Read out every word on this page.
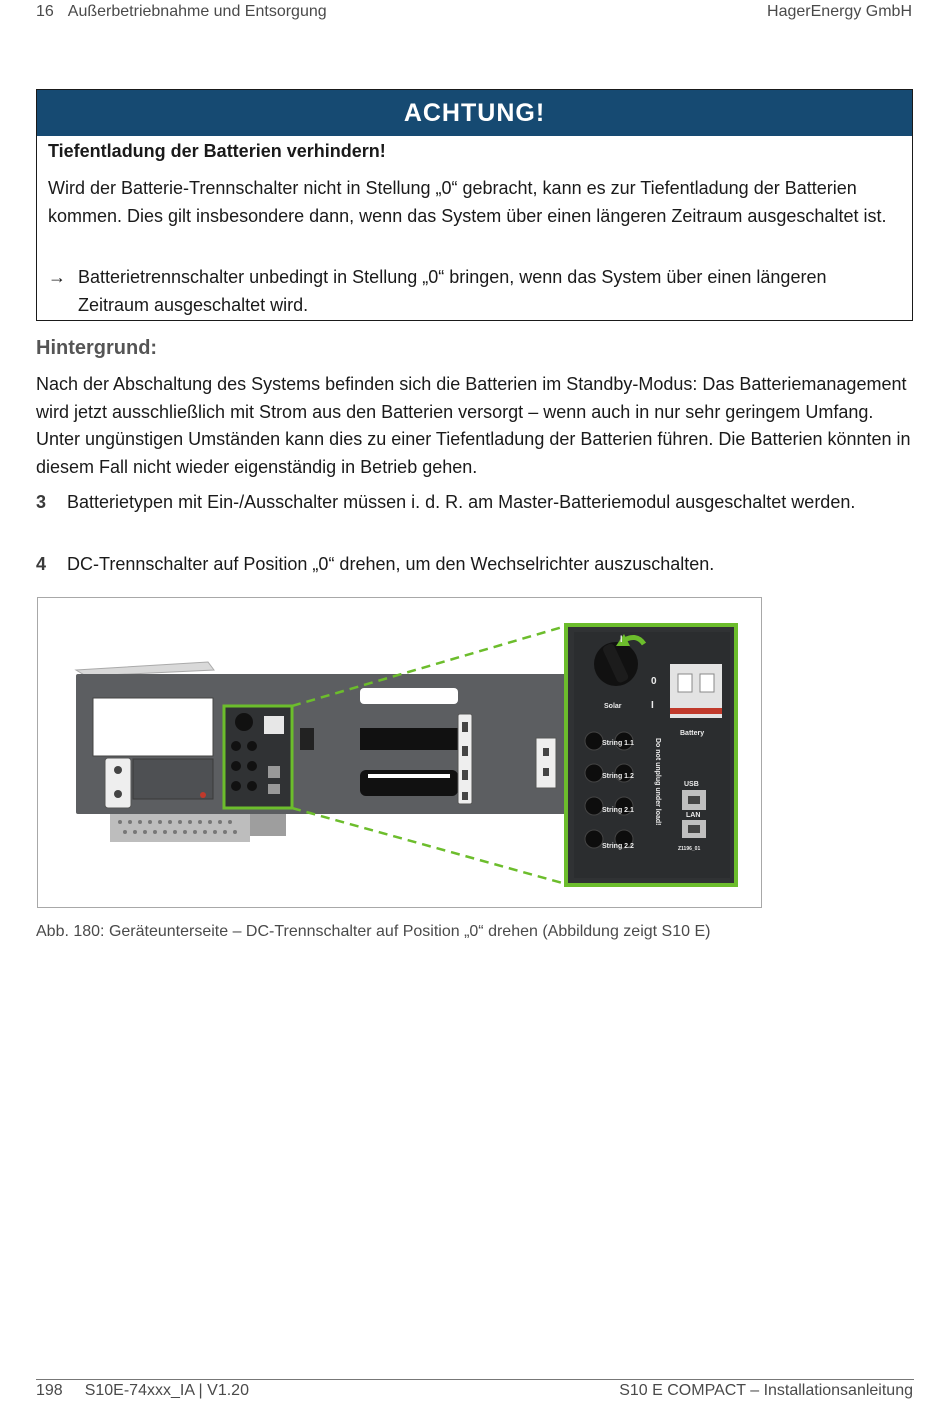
16 Außerbetriebnahme und Entsorgung	HagerEnergy GmbH
ACHTUNG!
Tiefentladung der Batterien verhindern!
Wird der Batterie-Trennschalter nicht in Stellung „0“ gebracht, kann es zur Tiefentladung der Batterien kommen. Dies gilt insbesondere dann, wenn das System über einen längeren Zeitraum ausgeschaltet ist.
→ Batterietrennschalter unbedingt in Stellung „0“ bringen, wenn das System über einen längeren Zeitraum ausgeschaltet wird.
Hintergrund:
Nach der Abschaltung des Systems befinden sich die Batterien im Standby-Modus: Das Batteriemanagement wird jetzt ausschließlich mit Strom aus den Batterien versorgt – wenn auch in nur sehr geringem Umfang. Unter ungünstigen Umständen kann dies zu einer Tiefentladung der Batterien führen. Die Batterien könnten in diesem Fall nicht wieder eigenständig in Betrieb gehen.
3 Batterietypen mit Ein-/Ausschalter müssen i. d. R. am Master-Batteriemodul ausgeschaltet werden.
4 DC-Trennschalter auf Position „0“ drehen, um den Wechselrichter auszuschalten.
I
0
I
Solar
Battery
String 1.1
String 1.2
String 2.1
String 2.2
USB
LAN
Z1196_01
Do not unplug under load!
Abb. 180: Geräteunterseite – DC-Trennschalter auf Position „0“ drehen (Abbildung zeigt S10 E)
198 S10E-74xxx_IA | V1.20	S10 E COMPACT – Installationsanleitung
